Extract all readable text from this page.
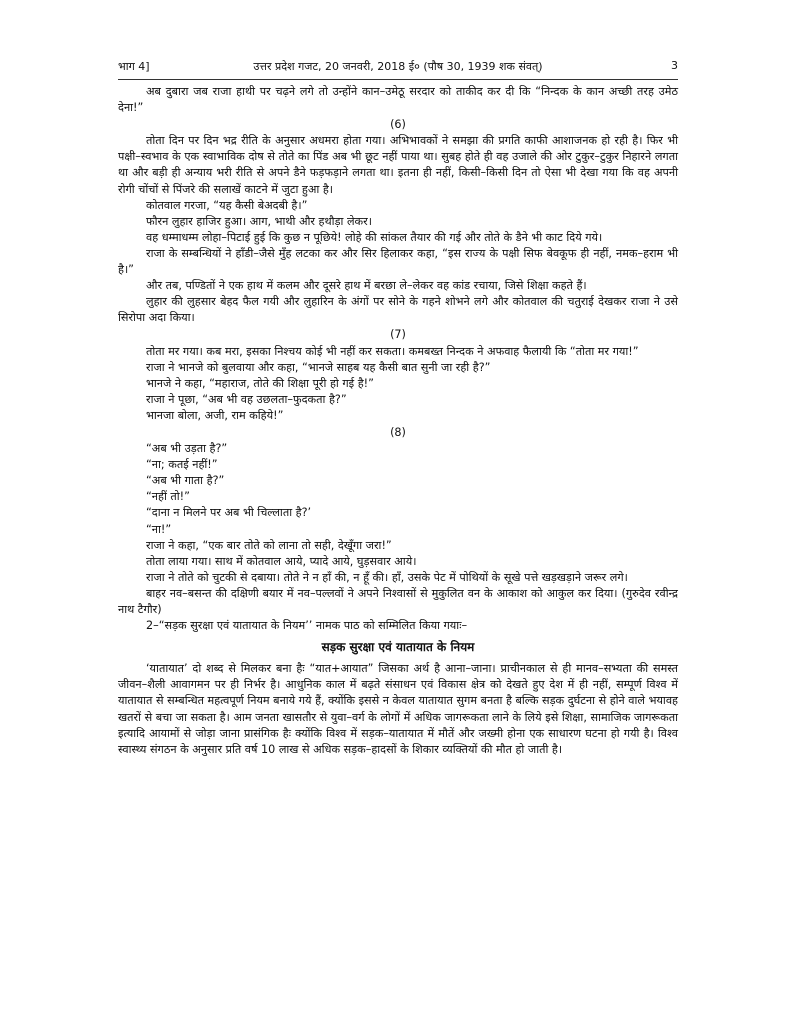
भाग 4]	उत्तर प्रदेश गजट, 20 जनवरी, 2018 ई० (पौष 30, 1939 शक संवत्)	3

अब दुबारा जब राजा हाथी पर चढ़ने लगे तो उन्होंने कान–उमेठू सरदार को ताकीद कर दी कि “निन्दक के कान अच्छी तरह उमेठ देना!”

(6)

तोता दिन पर दिन भद्र रीति के अनुसार अधमरा होता गया। अभिभावकों ने समझा की प्रगति काफी आशाजनक हो रही है। फिर भी पक्षी–स्वभाव के एक स्वाभाविक दोष से तोते का पिंड अब भी छूट नहीं पाया था। सुबह होते ही वह उजाले की ओर टुकुर–टुकुर निहारने लगता था और बड़ी ही अन्याय भरी रीति से अपने डैने फड़फड़ाने लगता था। इतना ही नहीं, किसी–किसी दिन तो ऐसा भी देखा गया कि वह अपनी रोगी चोंचों से पिंजरे की सलाखें काटने में जुटा हुआ है।

कोतवाल गरजा, “यह कैसी बेअदबी है।”

फौरन लुहार हाजिर हुआ। आग, भाथी और हथौड़ा लेकर।

वह धम्माधम्म लोहा–पिटाई हुई कि कुछ न पूछिये! लोहे की सांकल तैयार की गई और तोते के डैने भी काट दिये गये।

राजा के सम्बन्धियों ने हाँडी–जैसे मुँह लटका कर और सिर हिलाकर कहा, “इस राज्य के पक्षी सिफ बेवकूफ ही नहीं, नमक–हराम भी है।”

और तब, पण्डितों ने एक हाथ में कलम और दूसरे हाथ में बरछा ले–लेकर वह कांड रचाया, जिसे शिक्षा कहते हैं।

लुहार की लुहसार बेहद फैल गयी और लुहारिन के अंगों पर सोने के गहने शोभने लगे और कोतवाल की चतुराई देखकर राजा ने उसे सिरोपा अदा किया।

(7)

तोता मर गया। कब मरा, इसका निश्चय कोई भी नहीं कर सकता। कमबख्त निन्दक ने अफवाह फैलायी कि “तोता मर गया!”

राजा ने भानजे को बुलवाया और कहा, “भानजे साहब यह कैसी बात सुनी जा रही है?”

भानजे ने कहा, “महाराज, तोते की शिक्षा पूरी हो गई है!”

राजा ने पूछा, “अब भी वह उछलता–फुदकता है?”

भानजा बोला, अजी, राम कहिये!”

(8)

“अब भी उड़ता है?”

“ना; कतई नहीं!”

“अब भी गाता है?”

“नहीं तो!”

“दाना न मिलने पर अब भी चिल्लाता है?’

“ना!”

राजा ने कहा, “एक बार तोते को लाना तो सही, देखूँगा जरा!”

तोता लाया गया। साथ में कोतवाल आये, प्यादे आये, घुड़सवार आये।

राजा ने तोते को चुटकी से दबाया। तोते ने न हाँ की, न हूँ की। हाँ, उसके पेट में पोथियों के सूखे पत्ते खड़खड़ाने जरूर लगे।

बाहर नव–बसन्त की दक्षिणी बयार में नव–पल्लवों ने अपने निश्वासों से मुकुलित वन के आकाश को आकुल कर दिया। (गुरुदेव रवीन्द्र नाथ टैगौर)

2–“सड़क सुरक्षा एवं यातायात के नियम’’ नामक पाठ को सम्मिलित किया गयाः–

सड़क सुरक्षा एवं यातायात के नियम

‘यातायात’ दो शब्द से मिलकर बना हैः “यात+आयात” जिसका अर्थ है आना–जाना। प्राचीनकाल से ही मानव–सभ्यता की समस्त जीवन–शैली आवागमन पर ही निर्भर है। आधुनिक काल में बढ़ते संसाधन एवं विकास क्षेत्र को देखते हुए देश में ही नहीं, सम्पूर्ण विश्व में यातायात से सम्बन्धित महत्वपूर्ण नियम बनाये गये हैं, क्योंकि इससे न केवल यातायात सुगम बनता है बल्कि सड़क दुर्घटना से होने वाले भयावह खतरों से बचा जा सकता है। आम जनता खासतौर से युवा–वर्ग के लोगों में अधिक जागरूकता लाने के लिये इसे शिक्षा, सामाजिक जागरूकता इत्यादि आयामों से जोड़ा जाना प्रासंगिक हैः क्योंकि विश्व में सड़क–यातायात में मौतें और जख्मी होना एक साधारण घटना हो गयी है। विश्व स्वास्थ्य संगठन के अनुसार प्रति वर्ष 10 लाख से अधिक सड़क–हादसों के शिकार व्यक्तियों की मौत हो जाती है।
